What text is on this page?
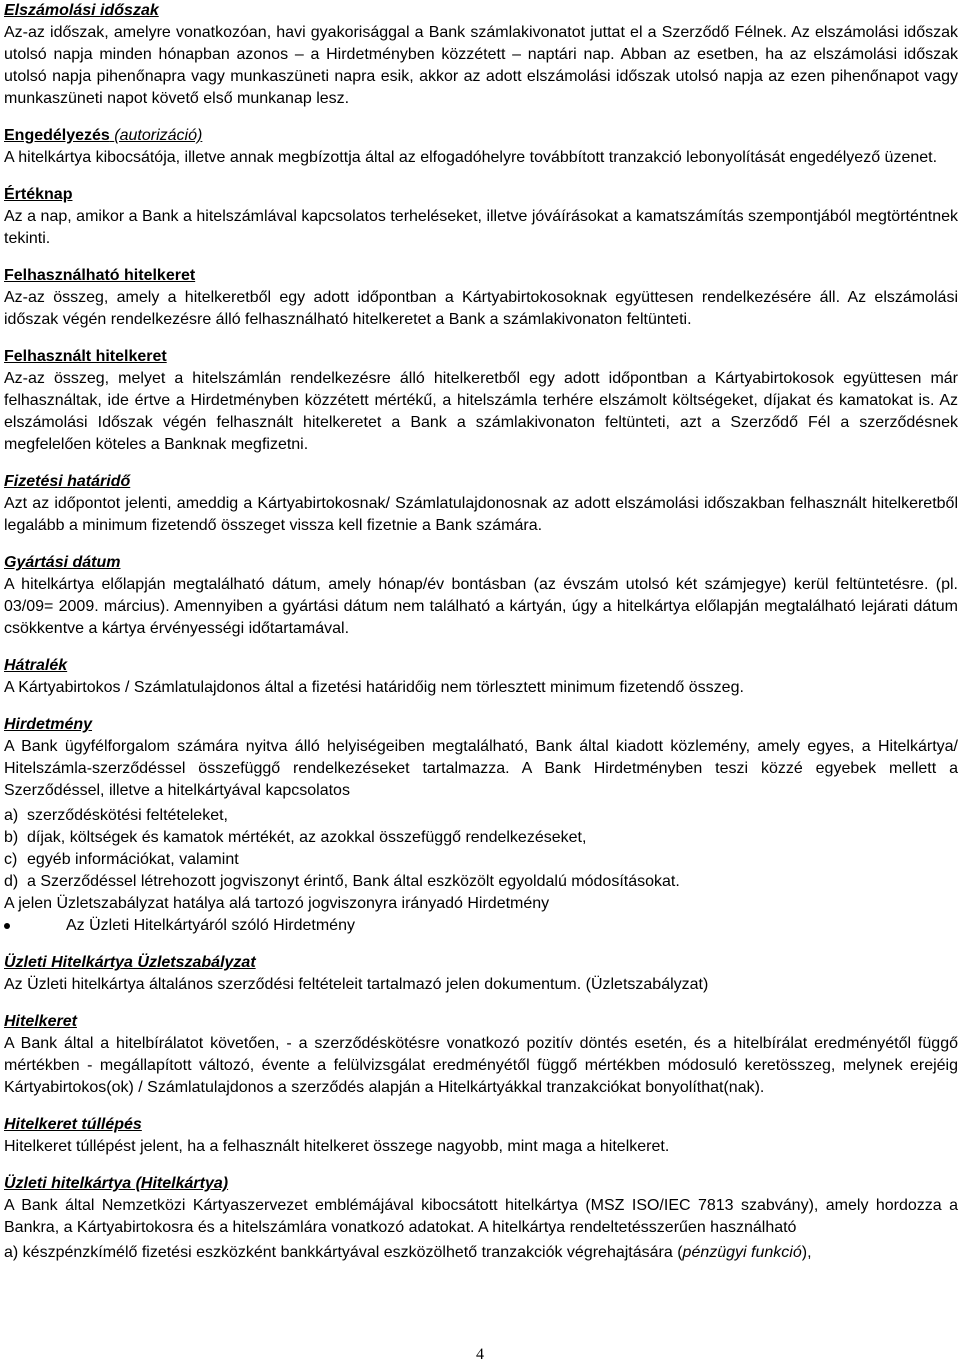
Elszámolási időszak

Az-az időszak, amelyre vonatkozóan, havi gyakorisággal a Bank számlakivonatot juttat el a Szerződő Félnek. Az elszámolási időszak utolsó napja minden hónapban azonos – a Hirdetményben közzétett – naptári nap. Abban az esetben, ha az elszámolási időszak utolsó napja pihenőnapra vagy munkaszüneti napra esik, akkor az adott elszámolási időszak utolsó napja az ezen pihenőnapot vagy munkaszüneti napot követő első munkanap lesz.

Engedélyezés (autorizáció)

A hitelkártya kibocsátója, illetve annak megbízottja által az elfogadóhelyre továbbított tranzakció lebonyolítását engedélyező üzenet.

Értéknap

Az a nap, amikor a Bank a hitelszámlával kapcsolatos terheléseket, illetve jóváírásokat a kamatszámítás szempontjából megtörténtnek tekinti.

Felhasználható hitelkeret

Az-az összeg, amely a hitelkeretből egy adott időpontban a Kártyabirtokosoknak együttesen rendelkezésére áll. Az elszámolási időszak végén rendelkezésre álló felhasználható hitelkeretet a Bank a számlakivonaton feltünteti.

Felhasznált hitelkeret

Az-az összeg, melyet a hitelszámlán rendelkezésre álló hitelkeretből egy adott időpontban a Kártyabirtokosok együttesen már felhasználtak, ide értve a Hirdetményben közzétett mértékű, a hitelszámla terhére elszámolt költségeket, díjakat és kamatokat is. Az elszámolási Időszak végén felhasznált hitelkeretet a Bank a számlakivonaton feltünteti, azt a Szerződő Fél a szerződésnek megfelelően köteles a Banknak megfizetni.

Fizetési határidő

Azt az időpontot jelenti, ameddig a Kártyabirtokosnak/ Számlatulajdonosnak az adott elszámolási időszakban felhasznált hitelkeretből legalább a minimum fizetendő összeget vissza kell fizetnie a Bank számára.

Gyártási dátum

A hitelkártya előlapján megtalálható dátum, amely hónap/év bontásban (az évszám utolsó két számjegye) kerül feltüntetésre. (pl. 03/09= 2009. március). Amennyiben a gyártási dátum nem található a kártyán, úgy a hitelkártya előlapján megtalálható lejárati dátum csökkentve a kártya érvényességi időtartamával.

Hátralék

A Kártyabirtokos / Számlatulajdonos által a fizetési határidőig nem törlesztett minimum fizetendő összeg.

Hirdetmény

A Bank ügyfélforgalom számára nyitva álló helyiségeiben megtalálható, Bank által kiadott közlemény, amely egyes, a Hitelkártya/ Hitelszámla-szerződéssel összefüggő rendelkezéseket tartalmazza. A Bank Hirdetményben teszi közzé egyebek mellett a Szerződéssel, illetve a hitelkártyával kapcsolatos

a) szerződéskötési feltételeket,
b) díjak, költségek és kamatok mértékét, az azokkal összefüggő rendelkezéseket,
c) egyéb információkat, valamint
d) a Szerződéssel létrehozott jogviszonyt érintő, Bank által eszközölt egyoldalú módosításokat.

A jelen Üzletszabályzat hatálya alá tartozó jogviszonyra irányadó Hirdetmény

Az Üzleti Hitelkártyáról szóló Hirdetmény

Üzleti Hitelkártya Üzletszabályzat

Az Üzleti hitelkártya általános szerződési feltételeit tartalmazó jelen dokumentum. (Üzletszabályzat)

Hitelkeret

A Bank által a hitelbírálatot követően, - a szerződéskötésre vonatkozó pozitív döntés esetén, és a hitelbírálat eredményétől függő mértékben - megállapított változó, évente a felülvizsgálat eredményétől függő mértékben módosuló keretösszeg, melynek erejéig Kártyabirtokos(ok) / Számlatulajdonos a szerződés alapján a Hitelkártyákkal tranzakciókat bonyolíthat(nak).

Hitelkeret túllépés

Hitelkeret túllépést jelent, ha a felhasznált hitelkeret összege nagyobb, mint maga a hitelkeret.

Üzleti hitelkártya (Hitelkártya)

A Bank által Nemzetközi Kártyaszervezet emblémájával kibocsátott hitelkártya (MSZ ISO/IEC 7813 szabvány), amely hordozza a Bankra, a Kártyabirtokosra és a hitelszámlára vonatkozó adatokat. A hitelkártya rendeltetésszerűen használható

a) készpénzkímélő fizetési eszközként bankkártyával eszközölhető tranzakciók végrehajtására (pénzügyi funkció),

4
